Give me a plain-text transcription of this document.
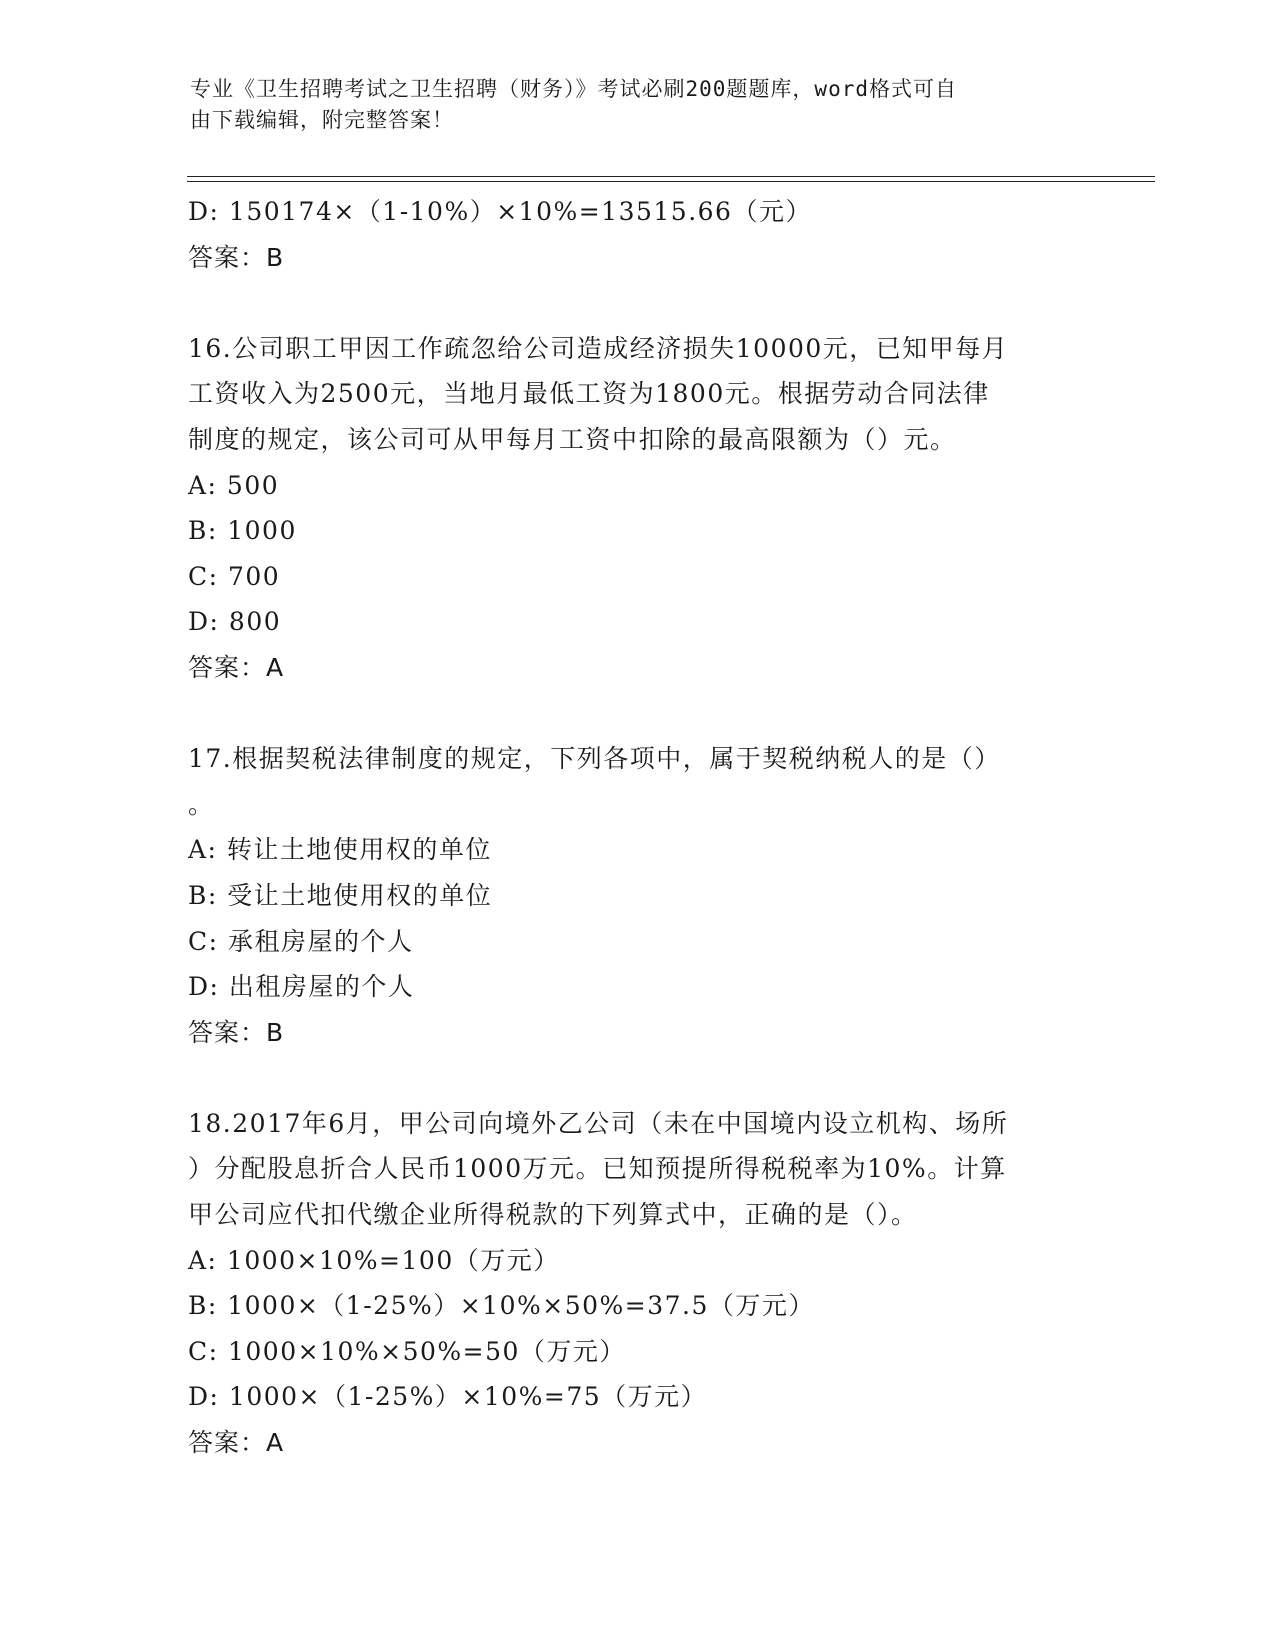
专业《卫生招聘考试之卫生招聘（财务）》考试必刷200题题库，word格式可自
由下载编辑，附完整答案！
D: 150174×（1-10%）×10%=13515.66（元）
答案：B
16.公司职工甲因工作疏忽给公司造成经济损失10000元，已知甲每月
工资收入为2500元，当地月最低工资为1800元。根据劳动合同法律
制度的规定，该公司可从甲每月工资中扣除的最高限额为（）元。
A: 500
B: 1000
C: 700
D: 800
答案：A
17.根据契税法律制度的规定，下列各项中，属于契税纳税人的是（）
。
A: 转让土地使用权的单位
B: 受让土地使用权的单位
C: 承租房屋的个人
D: 出租房屋的个人
答案：B
18.2017年6月，甲公司向境外乙公司（未在中国境内设立机构、场所
）分配股息折合人民币1000万元。已知预提所得税税率为10%。计算
甲公司应代扣代缴企业所得税款的下列算式中，正确的是（）。
A: 1000×10%=100（万元）
B: 1000×（1-25%）×10%×50%=37.5（万元）
C: 1000×10%×50%=50（万元）
D: 1000×（1-25%）×10%=75（万元）
答案：A
